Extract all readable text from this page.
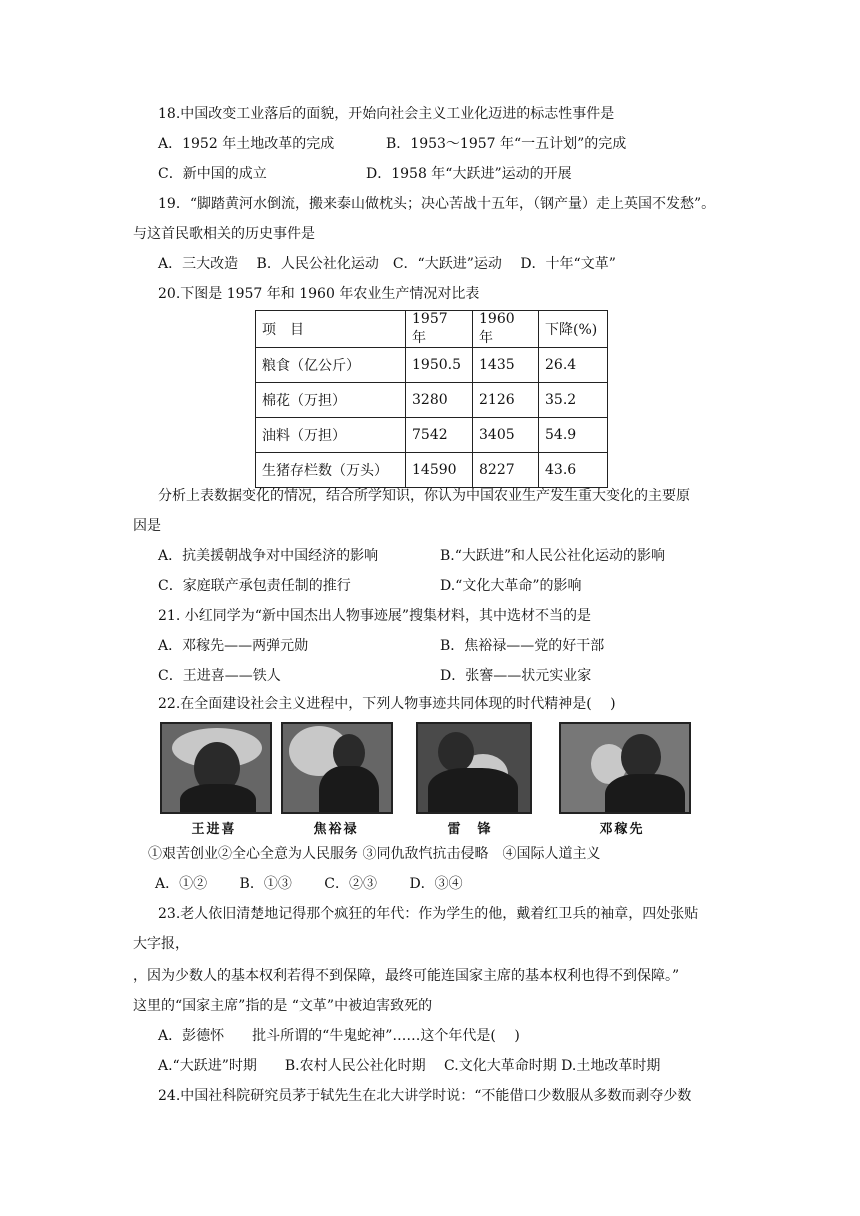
18.中国改变工业落后的面貌，开始向社会主义工业化迈进的标志性事件是
A．1952 年土地改革的完成	B．1953～1957 年“一五计划”的完成
C．新中国的成立	D．1958 年“大跃进”运动的开展
19．“脚踏黄河水倒流，搬来泰山做枕头；决心苦战十五年，（钢产量）走上英国不发愁”。
与这首民歌相关的历史事件是
A．三大改造　 B．人民公社化运动　C．“大跃进”运动　 D．十年“文革”
20.下图是 1957 年和 1960 年农业生产情况对比表
项　目	1957 年	1960 年	下降(%)
粮食（亿公斤）	1950.5	1435	26.4
棉花（万担）	3280	2126	35.2
油料（万担）	7542	3405	54.9
生猪存栏数（万头）	14590	8227	43.6
分析上表数据变化的情况，结合所学知识，你认为中国农业生产发生重大变化的主要原
因是
A．抗美援朝战争对中国经济的影响	B.“大跃进”和人民公社化运动的影响
C．家庭联产承包责任制的推行	D.“文化大革命”的影响
21. 小红同学为“新中国杰出人物事迹展”搜集材料，其中选材不当的是
A．邓稼先——两弹元勋	B．焦裕禄——党的好干部
C．王进喜——铁人	D．张謇——状元实业家
22.在全面建设社会主义进程中，下列人物事迹共同体现的时代精神是(　 )
王进喜	焦裕禄	雷　锋	邓稼先
①艰苦创业②全心全意为人民服务 ③同仇敌忾抗击侵略　④国际人道主义
A．①②　　 B．①③　　 C．②③　　 D．③④
23.老人依旧清楚地记得那个疯狂的年代：作为学生的他，戴着红卫兵的袖章，四处张贴
大字报，
，因为少数人的基本权利若得不到保障，最终可能连国家主席的基本权利也得不到保障。”
这里的“国家主席”指的是 “文革”中被迫害致死的
A．彭德怀　　批斗所谓的“牛鬼蛇神”……这个年代是(　 )
A.“大跃进”时期　　B.农村人民公社化时期　 C.文化大革命时期 D.土地改革时期
24.中国社科院研究员茅于轼先生在北大讲学时说：“不能借口少数服从多数而剥夺少数
